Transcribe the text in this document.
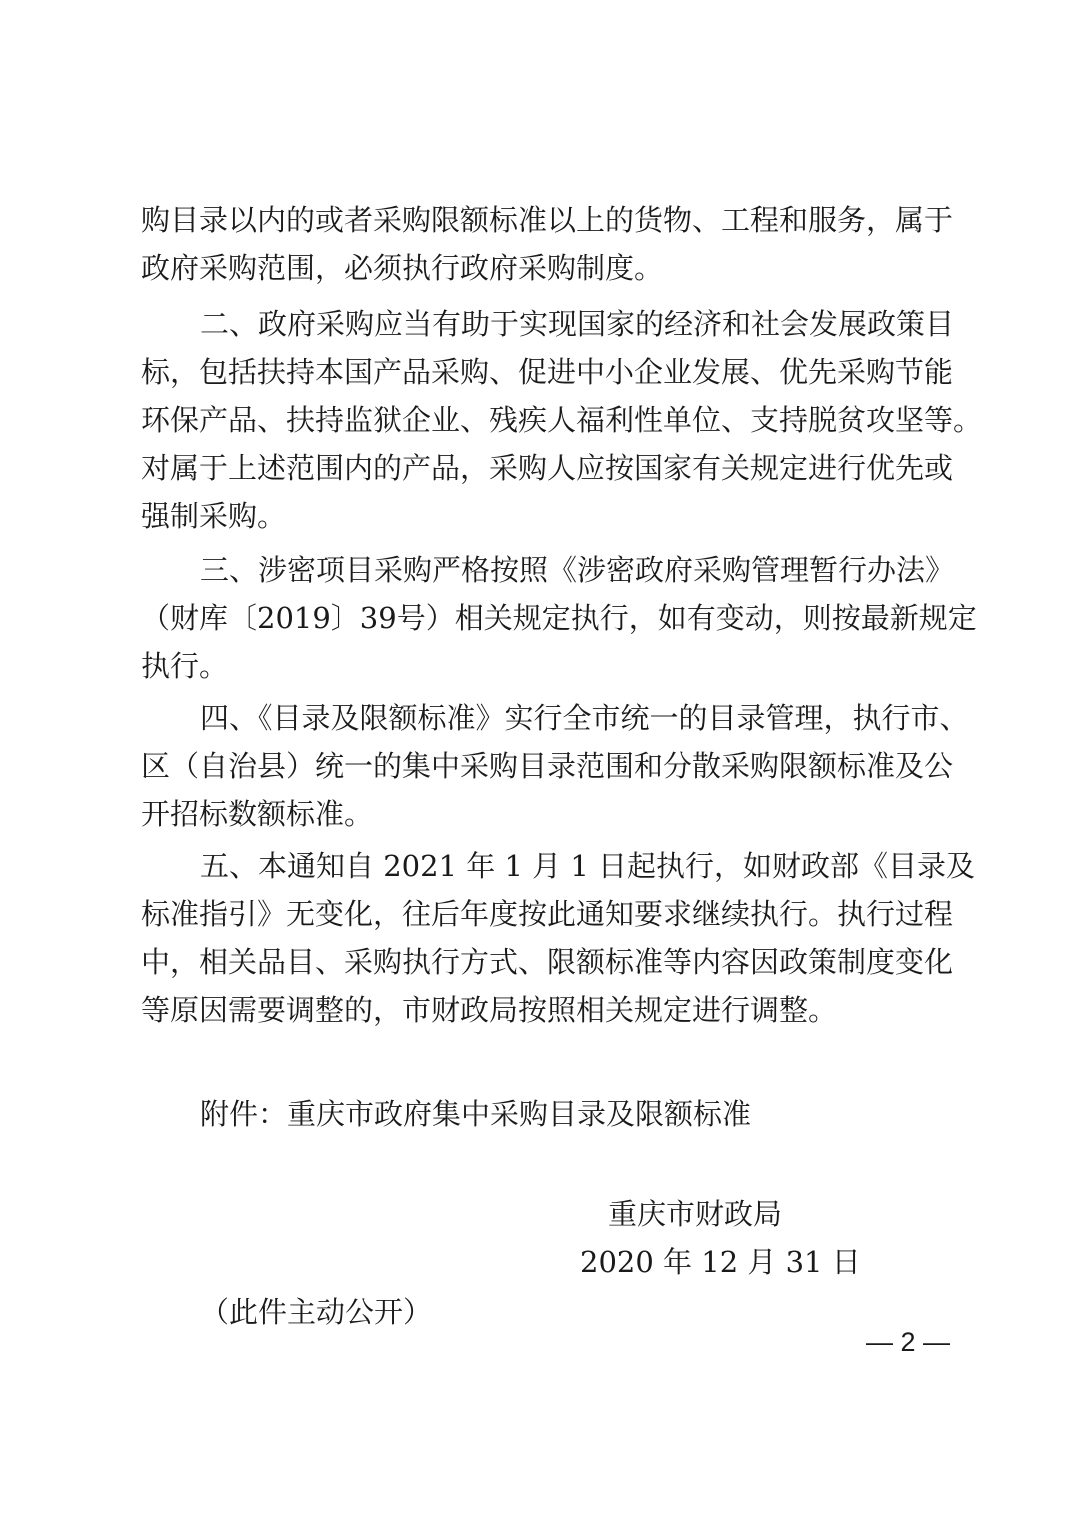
购目录以内的或者采购限额标准以上的货物、工程和服务，属于
政府采购范围，必须执行政府采购制度。
二、政府采购应当有助于实现国家的经济和社会发展政策目
标，包括扶持本国产品采购、促进中小企业发展、优先采购节能
环保产品、扶持监狱企业、残疾人福利性单位、支持脱贫攻坚等。
对属于上述范围内的产品，采购人应按国家有关规定进行优先或
强制采购。
三、涉密项目采购严格按照《涉密政府采购管理暂行办法》
（财库〔2019〕39号）相关规定执行，如有变动，则按最新规定
执行。
四、《目录及限额标准》实行全市统一的目录管理，执行市、
区（自治县）统一的集中采购目录范围和分散采购限额标准及公
开招标数额标准。
五、本通知自 2021 年 1 月 1 日起执行，如财政部《目录及
标准指引》无变化，往后年度按此通知要求继续执行。执行过程
中，相关品目、采购执行方式、限额标准等内容因政策制度变化
等原因需要调整的，市财政局按照相关规定进行调整。
附件：重庆市政府集中采购目录及限额标准
重庆市财政局
2020 年 12 月 31 日
（此件主动公开）
— 2 —
